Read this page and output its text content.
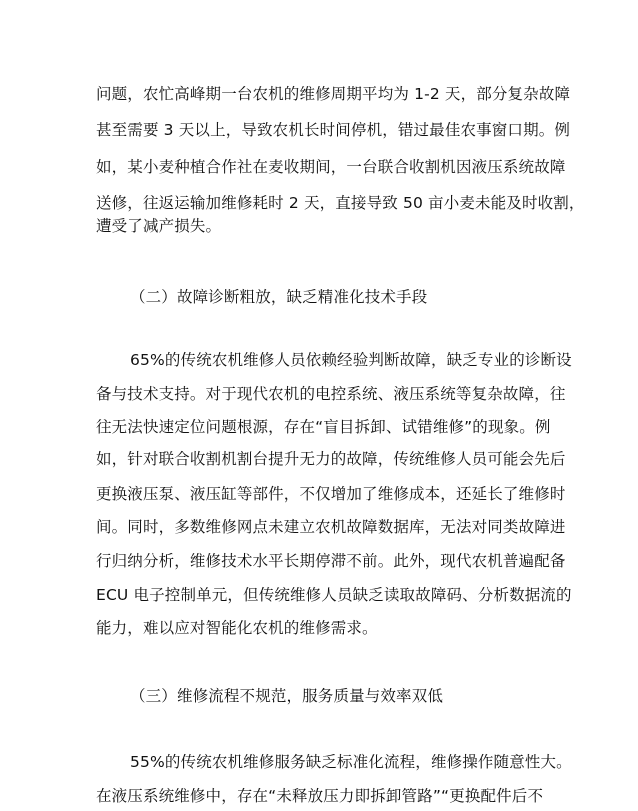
问题，农忙高峰期一台农机的维修周期平均为 1-2 天，部分复杂故障
甚至需要 3 天以上，导致农机长时间停机，错过最佳农事窗口期。例
如，某小麦种植合作社在麦收期间，一台联合收割机因液压系统故障
送修，往返运输加维修耗时 2 天，直接导致 50 亩小麦未能及时收割，
遭受了减产损失。
（二）故障诊断粗放，缺乏精准化技术手段
65%的传统农机维修人员依赖经验判断故障，缺乏专业的诊断设
备与技术支持。对于现代农机的电控系统、液压系统等复杂故障，往
往无法快速定位问题根源，存在“盲目拆卸、试错维修”的现象。例
如，针对联合收割机割台提升无力的故障，传统维修人员可能会先后
更换液压泵、液压缸等部件，不仅增加了维修成本，还延长了维修时
间。同时，多数维修网点未建立农机故障数据库，无法对同类故障进
行归纳分析，维修技术水平长期停滞不前。此外，现代农机普遍配备
ECU 电子控制单元，但传统维修人员缺乏读取故障码、分析数据流的
能力，难以应对智能化农机的维修需求。
（三）维修流程不规范，服务质量与效率双低
55%的传统农机维修服务缺乏标准化流程，维修操作随意性大。
在液压系统维修中，存在“未释放压力即拆卸管路”“更换配件后不
